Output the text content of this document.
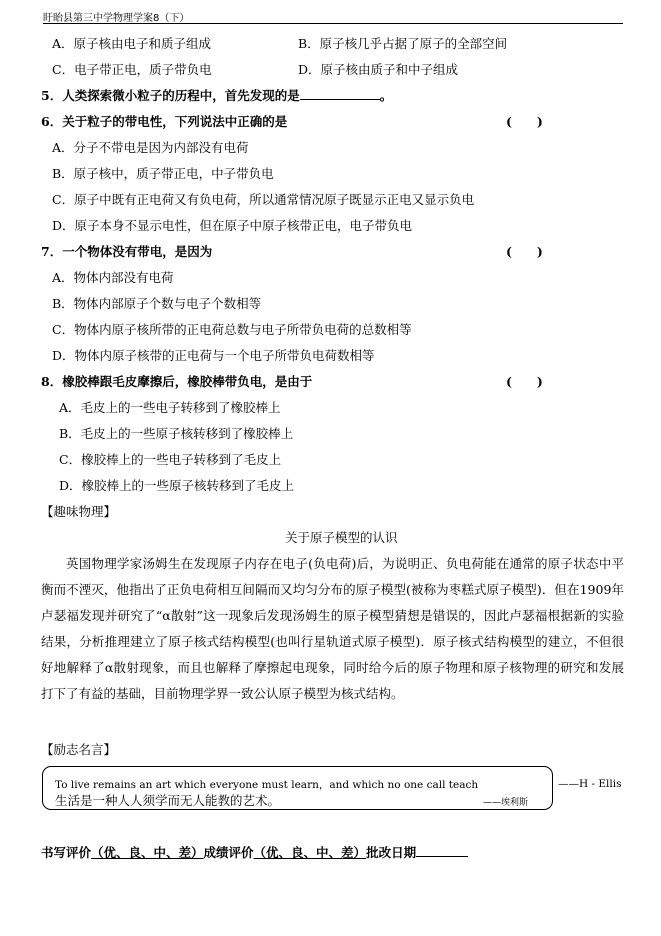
盱眙县第三中学物理学案8（下）
A．原子核由电子和质子组成	B．原子核几乎占据了原子的全部空间
C．电子带正电，质子带负电	D．原子核由质子和中子组成
5．人类探索微小粒子的历程中，首先发现的是	。
6．关于粒子的带电性，下列说法中正确的是	(　　)
A．分子不带电是因为内部没有电荷
B．原子核中，质子带正电，中子带负电
C．原子中既有正电荷又有负电荷，所以通常情况原子既显示正电又显示负电
D．原子本身不显示电性，但在原子中原子核带正电，电子带负电
7．一个物体没有带电，是因为	(　　)
A．物体内部没有电荷
B．物体内部原子个数与电子个数相等
C．物体内原子核所带的正电荷总数与电子所带负电荷的总数相等
D．物体内原子核带的正电荷与一个电子所带负电荷数相等
8．橡胶棒跟毛皮摩擦后，橡胶棒带负电，是由于	(　　)
A．毛皮上的一些电子转移到了橡胶棒上
B．毛皮上的一些原子核转移到了橡胶棒上
C．橡胶棒上的一些电子转移到了毛皮上
D．橡胶棒上的一些原子核转移到了毛皮上
【趣味物理】
关于原子模型的认识
英国物理学家汤姆生在发现原子内存在电子(负电荷)后，为说明正、负电荷能在通常的原子状态中平衡而不湮灭，他指出了正负电荷相互间隔而又均匀分布的原子模型(被称为枣糕式原子模型)．但在1909年卢瑟福发现并研究了“α散射”这一现象后发现汤姆生的原子模型猜想是错误的，因此卢瑟福根据新的实验结果，分析推理建立了原子核式结构模型(也叫行星轨道式原子模型)．原子核式结构模型的建立，不但很好地解释了α散射现象，而且也解释了摩擦起电现象，同时给今后的原子物理和原子核物理的研究和发展打下了有益的基础，目前物理学界一致公认原子模型为核式结构。
【励志名言】
To live remains an art which everyone must learn，and which no one call teach
生活是一种人人须学而无人能教的艺术。	——埃利斯
——H - Ellis
书写评价（优、良、中、差）成绩评价（优、良、中、差）批改日期
